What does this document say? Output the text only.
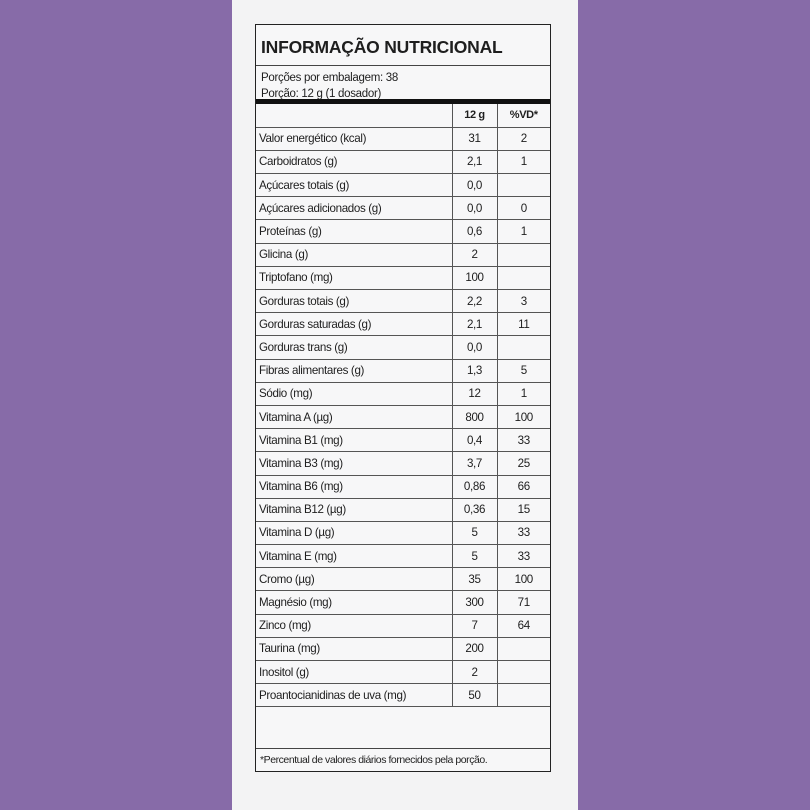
INFORMAÇÃO NUTRICIONAL
Porções por embalagem: 38
Porção: 12 g (1 dosador)
	12 g	%VD*
Valor energético (kcal)	31	2
Carboidratos (g)	2,1	1
Açúcares totais (g)	0,0	
Açúcares adicionados (g)	0,0	0
Proteínas (g)	0,6	1
Glicina (g)	2	
Triptofano (mg)	100	
Gorduras totais (g)	2,2	3
Gorduras saturadas (g)	2,1	11
Gorduras trans (g)	0,0	
Fibras alimentares (g)	1,3	5
Sódio (mg)	12	1
Vitamina A (µg)	800	100
Vitamina B1 (mg)	0,4	33
Vitamina B3 (mg)	3,7	25
Vitamina B6 (mg)	0,86	66
Vitamina B12 (µg)	0,36	15
Vitamina D (µg)	5	33
Vitamina E (mg)	5	33
Cromo (µg)	35	100
Magnésio (mg)	300	71
Zinco (mg)	7	64
Taurina (mg)	200	
Inositol (g)	2	
Proantocianidinas de uva (mg)	50	
*Percentual de valores diários fornecidos pela porção.
